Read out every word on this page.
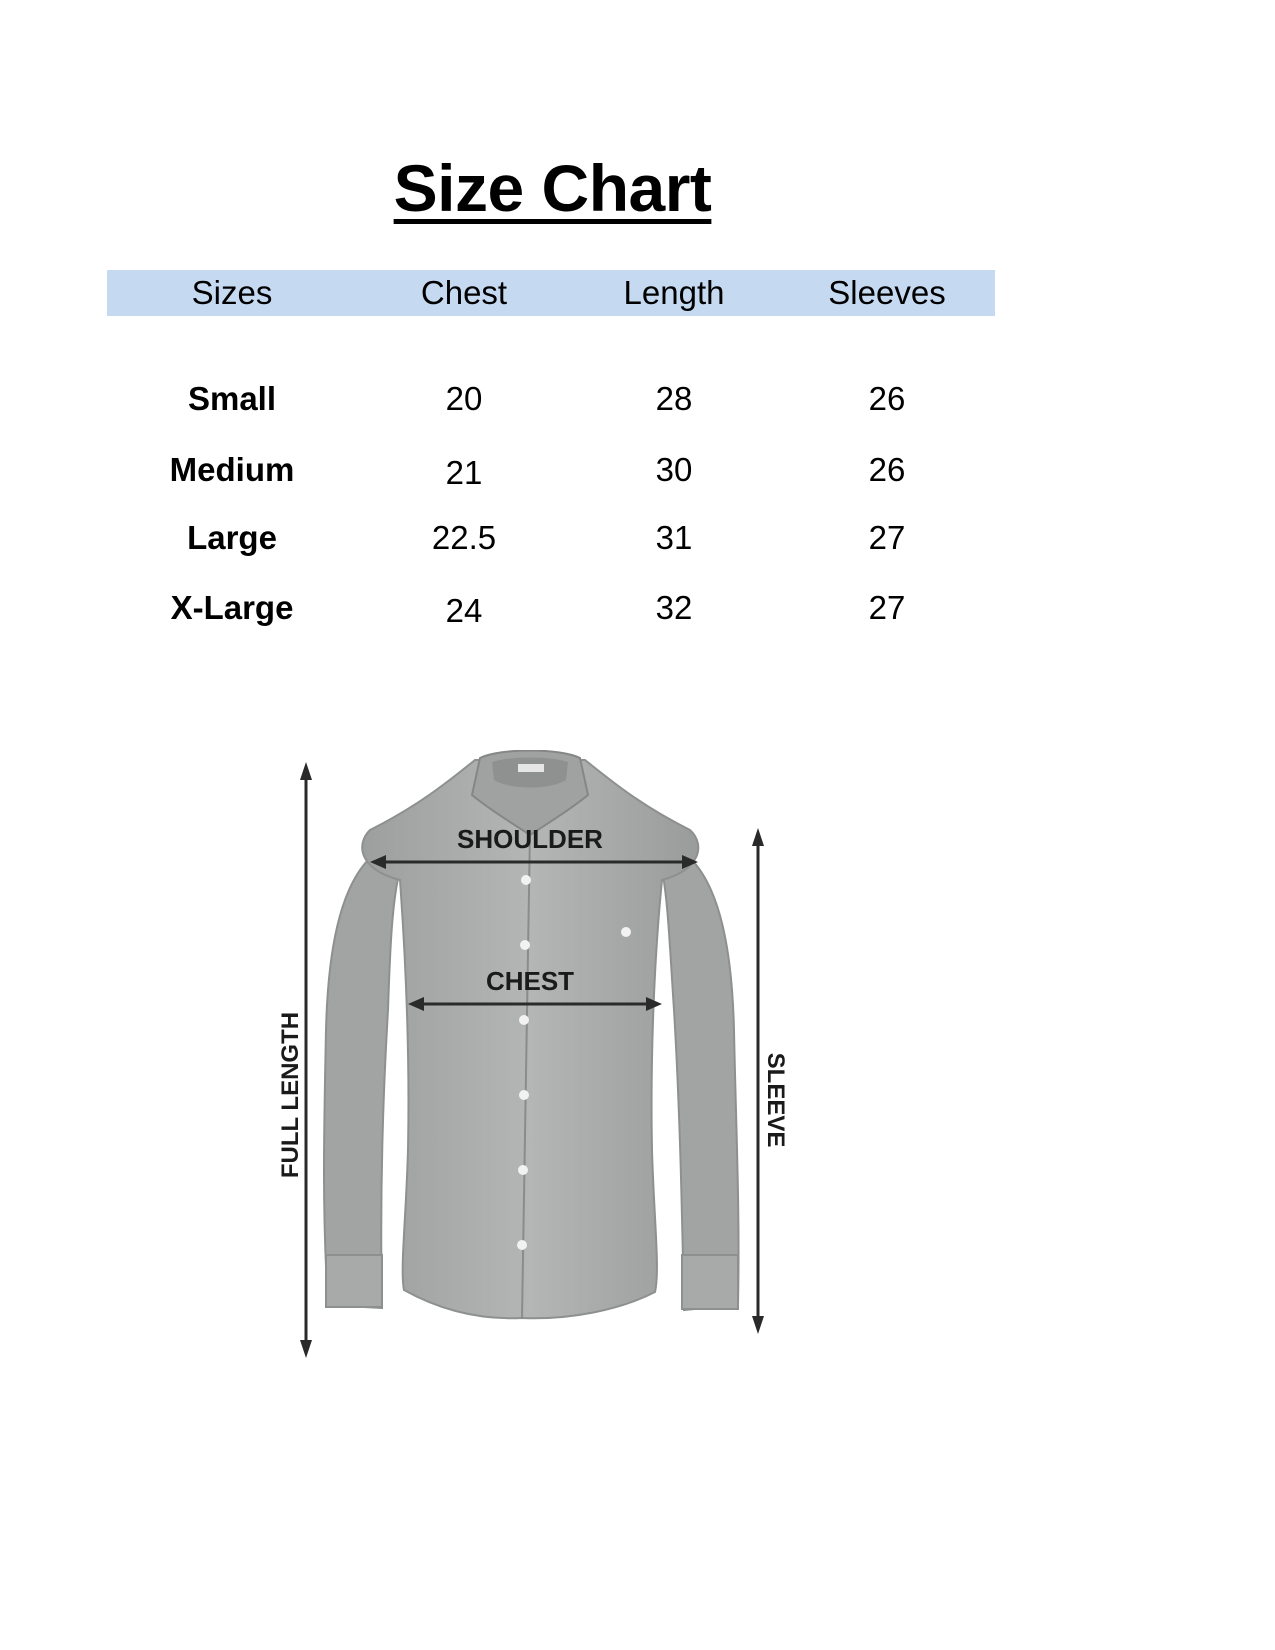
Size Chart
Sizes	Chest	Length	Sleeves
Small	20	28	26
Medium	21	30	26
Large	22.5	31	27
X-Large	24	32	27
SHOULDER
CHEST
FULL LENGTH	SLEEVE
